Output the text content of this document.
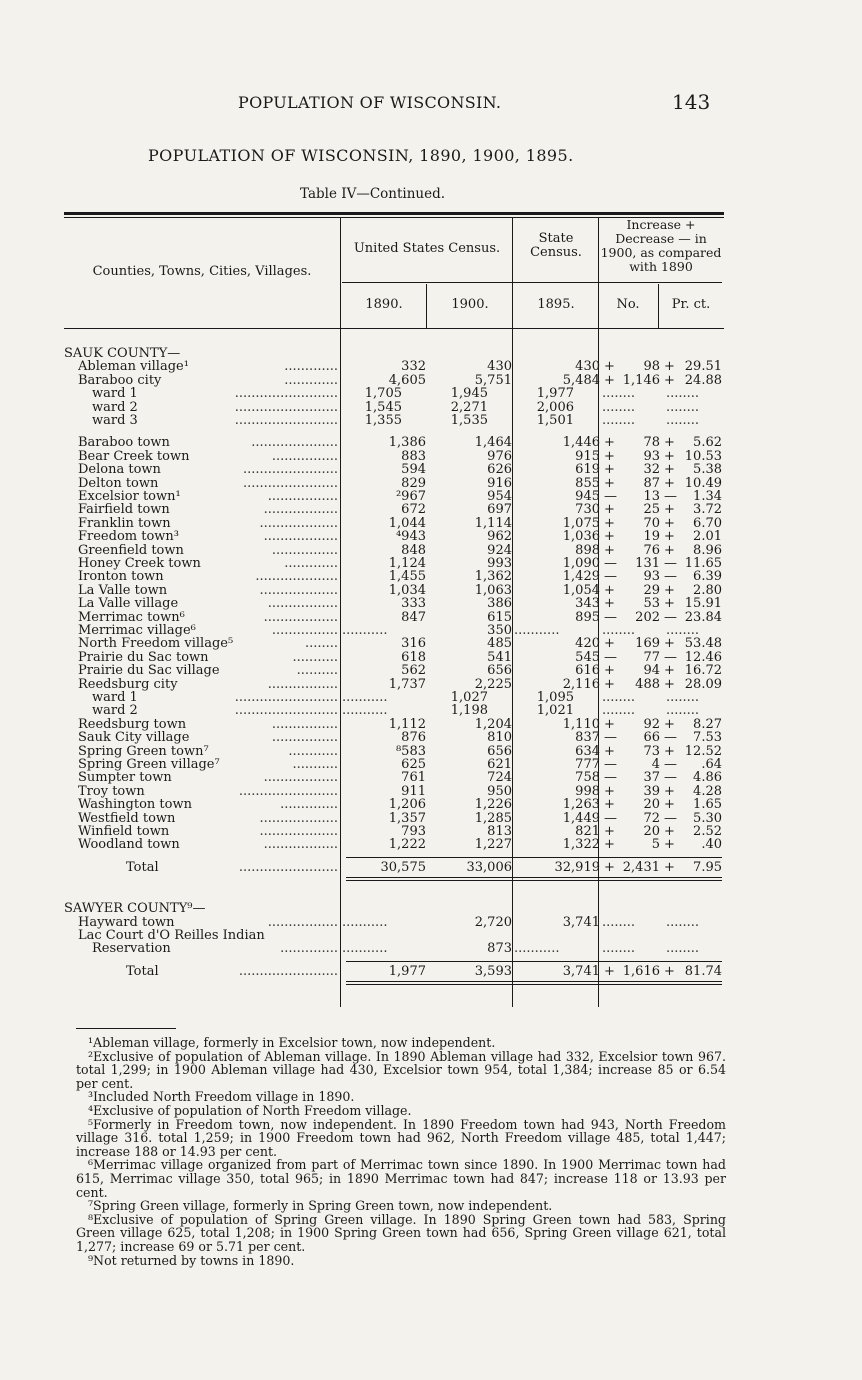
POPULATION OF WISCONSIN.	143
POPULATION OF WISCONSIN, 1890, 1900, 1895.
Table IV—Continued.
Counties, Towns, Cities, Villages.
United States Census.
State Census.
Increase + Decrease — in 1900, as compared with 1890
1890.	1900.	1895.	No.	Pr. ct.
SAUK COUNTY—
Ableman village¹	.............	332	430	430 +	98 + 29.51
Baraboo city	.............	4,605	5,751	5,484 + 1,146 + 24.88
ward 1	.........................	1,705	1,945	1,977 ........	........
ward 2	.........................	1,545	2,271	2,006 ........	........
ward 3	.........................	1,355	1,535	1,501 ........	........
Baraboo town	.....................	1,386	1,464	1,446 +	78 +	5.62
Bear Creek town	................	883	976	915 +	93 + 10.53
Delona town	.......................	594	626	619 +	32 +	5.38
Delton town	.......................	829	916	855 +	87 + 10.49
Excelsior town¹	.................	²967	954	945 —	13 —	1.34
Fairfield town	..................	672	697	730 +	25 +	3.72
Franklin town	...................	1,044	1,114	1,075 +	70 +	6.70
Freedom town³	..................	⁴943	962	1,036 +	19 +	2.01
Greenfield town	................	848	924	898 +	76 +	8.96
Honey Creek town	.............	1,124	993	1,090 —	131 — 11.65
Ironton town	....................	1,455	1,362	1,429 —	93 —	6.39
La Valle town	...................	1,034	1,063	1,054 +	29 +	2.80
La Valle village	.................	333	386	343 +	53 + 15.91
Merrimac town⁶	..................	847	615	895 —	202 — 23.84
Merrimac village⁶	................ ...........	350 ...........	........	........
North Freedom village⁵	........	316	485	420 +	169 + 53.48
Prairie du Sac town	...........	618	541	545 —	77 — 12.46
Prairie du Sac village	..........	562	656	616 +	94 + 16.72
Reedsburg city	.................	1,737	2,225	2,116 +	488 + 28.09
ward 1	......................... ...........	1,027	1,095 ........	........
ward 2	......................... ...........	1,198	1,021 ........	........
Reedsburg town	................	1,112	1,204	1,110 +	92 +	8.27
Sauk City village	................	876	810	837 —	66 —	7.53
Spring Green town⁷	............	⁸583	656	634 +	73 + 12.52
Spring Green village⁷	...........	625	621	777 —	4 —	.64
Sumpter town	..................	761	724	758 —	37 —	4.86
Troy town	........................	911	950	998 +	39 +	4.28
Washington town	..............	1,206	1,226	1,263 +	20 +	1.65
Westfield town	...................	1,357	1,285	1,449 —	72 —	5.30
Winfield town	...................	793	813	821 +	20 +	2.52
Woodland town	..................	1,222	1,227	1,322 +	5 +	.40
Total	........................	30,575	33,006	32,919 + 2,431 +	7.95
SAWYER COUNTY⁹—
Hayward town	................. ...........	2,720	3,741 ........	........
Lac Court d'O Reilles Indian
Reservation	.............. ...........	873 ...........	........	........
Total	........................	1,977	3,593	3,741 + 1,616 + 81.74

¹Ableman village, formerly in Excelsior town, now independent.

²Exclusive of population of Ableman village. In 1890 Ableman village had 332, Excelsior town 967. total 1,299; in 1900 Ableman village had 430, Excelsior town 954, total 1,384; increase 85 or 6.54 per cent.

³Included North Freedom village in 1890.

⁴Exclusive of population of North Freedom village.

⁵Formerly in Freedom town, now independent. In 1890 Freedom town had 943, North Freedom village 316. total 1,259; in 1900 Freedom town had 962, North Freedom village 485, total 1,447; increase 188 or 14.93 per cent.

⁶Merrimac village organized from part of Merrimac town since 1890. In 1900 Merrimac town had 615, Merrimac village 350, total 965; in 1890 Merrimac town had 847; increase 118 or 13.93 per cent.

⁷Spring Green village, formerly in Spring Green town, now independent.

⁸Exclusive of population of Spring Green village. In 1890 Spring Green town had 583, Spring Green village 625, total 1,208; in 1900 Spring Green town had 656, Spring Green village 621, total 1,277; increase 69 or 5.71 per cent.

⁹Not returned by towns in 1890.
